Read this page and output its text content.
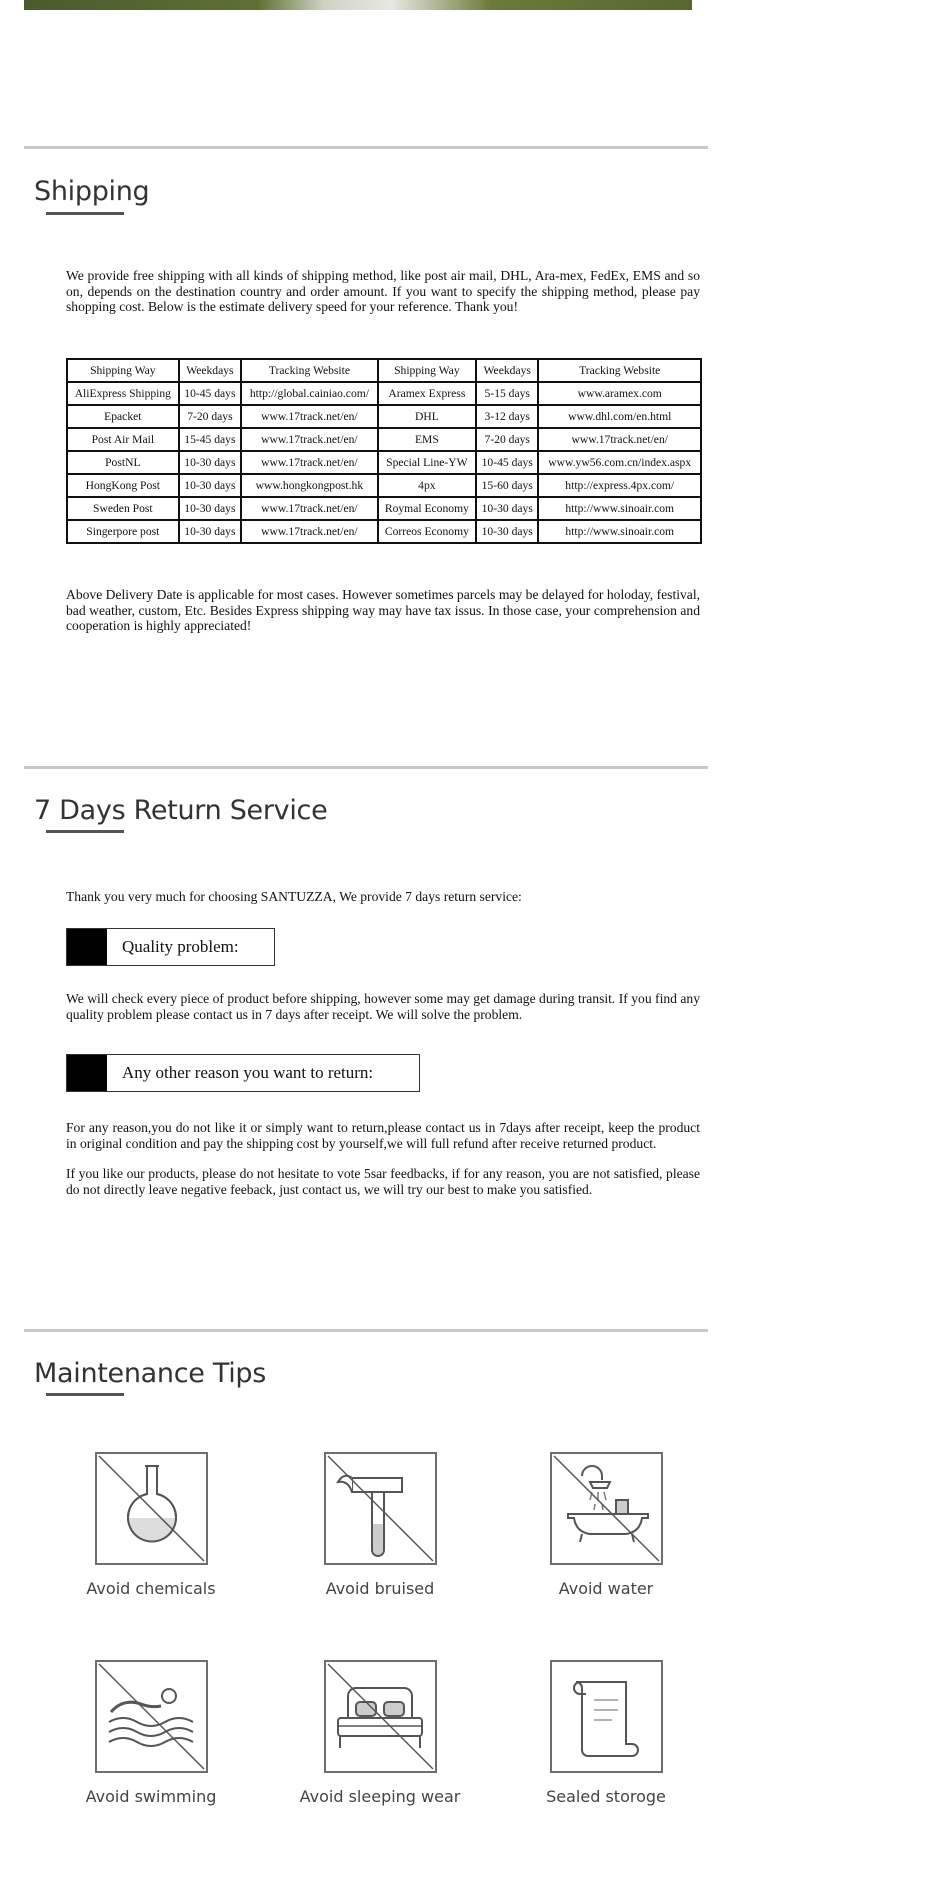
Shipping
We provide free shipping with all kinds of shipping method, like post air mail, DHL, Ara-mex, FedEx, EMS and so on, depends on the destination country and order amount. If you want to specify the shipping method, please pay shopping cost. Below is the estimate delivery speed for your reference. Thank you!
Shipping Way	Weekdays	Tracking Website	Shipping Way	Weekdays	Tracking Website
AliExpress Shipping	10-45 days	http://global.cainiao.com/	Aramex Express	5-15 days	www.aramex.com
Epacket	7-20 days	www.17track.net/en/	DHL	3-12 days	www.dhl.com/en.html
Post Air Mail	15-45 days	www.17track.net/en/	EMS	7-20 days	www.17track.net/en/
PostNL	10-30 days	www.17track.net/en/	Special Line-YW	10-45 days	www.yw56.com.cn/index.aspx
HongKong Post	10-30 days	www.hongkongpost.hk	4px	15-60 days	http://express.4px.com/
Sweden Post	10-30 days	www.17track.net/en/	Roymal Economy	10-30 days	http://www.sinoair.com
Singerpore post	10-30 days	www.17track.net/en/	Correos Economy	10-30 days	http://www.sinoair.com
Above Delivery Date is applicable for most cases. However sometimes parcels may be delayed for holoday, festival, bad weather, custom, Etc. Besides Express shipping way may have tax issus. In those case, your comprehension and cooperation is highly appreciated!
7 Days Return Service
Thank you very much for choosing SANTUZZA, We provide 7 days return service:
Quality problem:
We will check every piece of product before shipping, however some may get damage during transit. If you find any quality problem please contact us in 7 days after receipt. We will solve the problem.
Any other reason you want to return:
For any reason,you do not like it or simply want to return,please contact us in 7days after receipt, keep the product in original condition and pay the shipping cost by yourself,we will full refund after receive returned product.
If you like our products, please do not hesitate to vote 5sar feedbacks, if for any reason, you are not satisfied, please do not directly leave negative feeback, just contact us, we will try our best to make you satisfied.
Maintenance Tips
Avoid chemicals	Avoid bruised	Avoid water
Avoid swimming	Avoid sleeping wear	Sealed storoge
